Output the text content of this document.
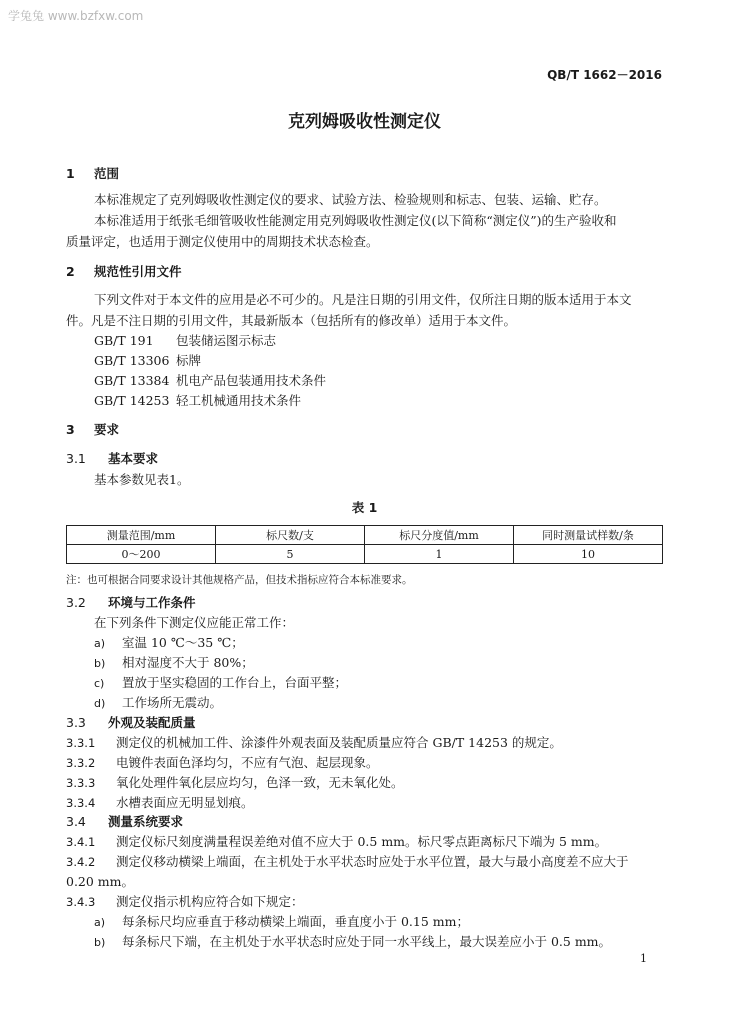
学兔兔 www.bzfxw.com
QB/T 1662－2016
克列姆吸收性测定仪
1 范围
本标准规定了克列姆吸收性测定仪的要求、试验方法、检验规则和标志、包装、运输、贮存。
本标准适用于纸张毛细管吸收性能测定用克列姆吸收性测定仪(以下简称“测定仪”)的生产验收和
质量评定，也适用于测定仪使用中的周期技术状态检查。
2 规范性引用文件
下列文件对于本文件的应用是必不可少的。凡是注日期的引用文件，仅所注日期的版本适用于本文
件。凡是不注日期的引用文件，其最新版本（包括所有的修改单）适用于本文件。
GB/T 191 包装储运图示标志
GB/T 13306 标牌
GB/T 13384 机电产品包装通用技术条件
GB/T 14253 轻工机械通用技术条件
3 要求
3.1 基本要求
基本参数见表1。
表 1
测量范围/mm	标尺数/支	标尺分度值/mm	同时测量试样数/条
0～200	5	1	10
注：也可根据合同要求设计其他规格产品，但技术指标应符合本标准要求。
3.2 环境与工作条件
在下列条件下测定仪应能正常工作：
a) 室温 10 ℃～35 ℃；
b) 相对湿度不大于 80%；
c) 置放于坚实稳固的工作台上，台面平整；
d) 工作场所无震动。
3.3 外观及装配质量
3.3.1 测定仪的机械加工件、涂漆件外观表面及装配质量应符合 GB/T 14253 的规定。
3.3.2 电镀件表面色泽均匀，不应有气泡、起层现象。
3.3.3 氧化处理件氧化层应均匀，色泽一致，无未氧化处。
3.3.4 水槽表面应无明显划痕。
3.4 测量系统要求
3.4.1 测定仪标尺刻度满量程误差绝对值不应大于 0.5 mm。标尺零点距离标尺下端为 5 mm。
3.4.2 测定仪移动横梁上端面，在主机处于水平状态时应处于水平位置，最大与最小高度差不应大于
0.20 mm。
3.4.3 测定仪指示机构应符合如下规定：
a) 每条标尺均应垂直于移动横梁上端面，垂直度小于 0.15 mm；
b) 每条标尺下端，在主机处于水平状态时应处于同一水平线上，最大误差应小于 0.5 mm。
1
